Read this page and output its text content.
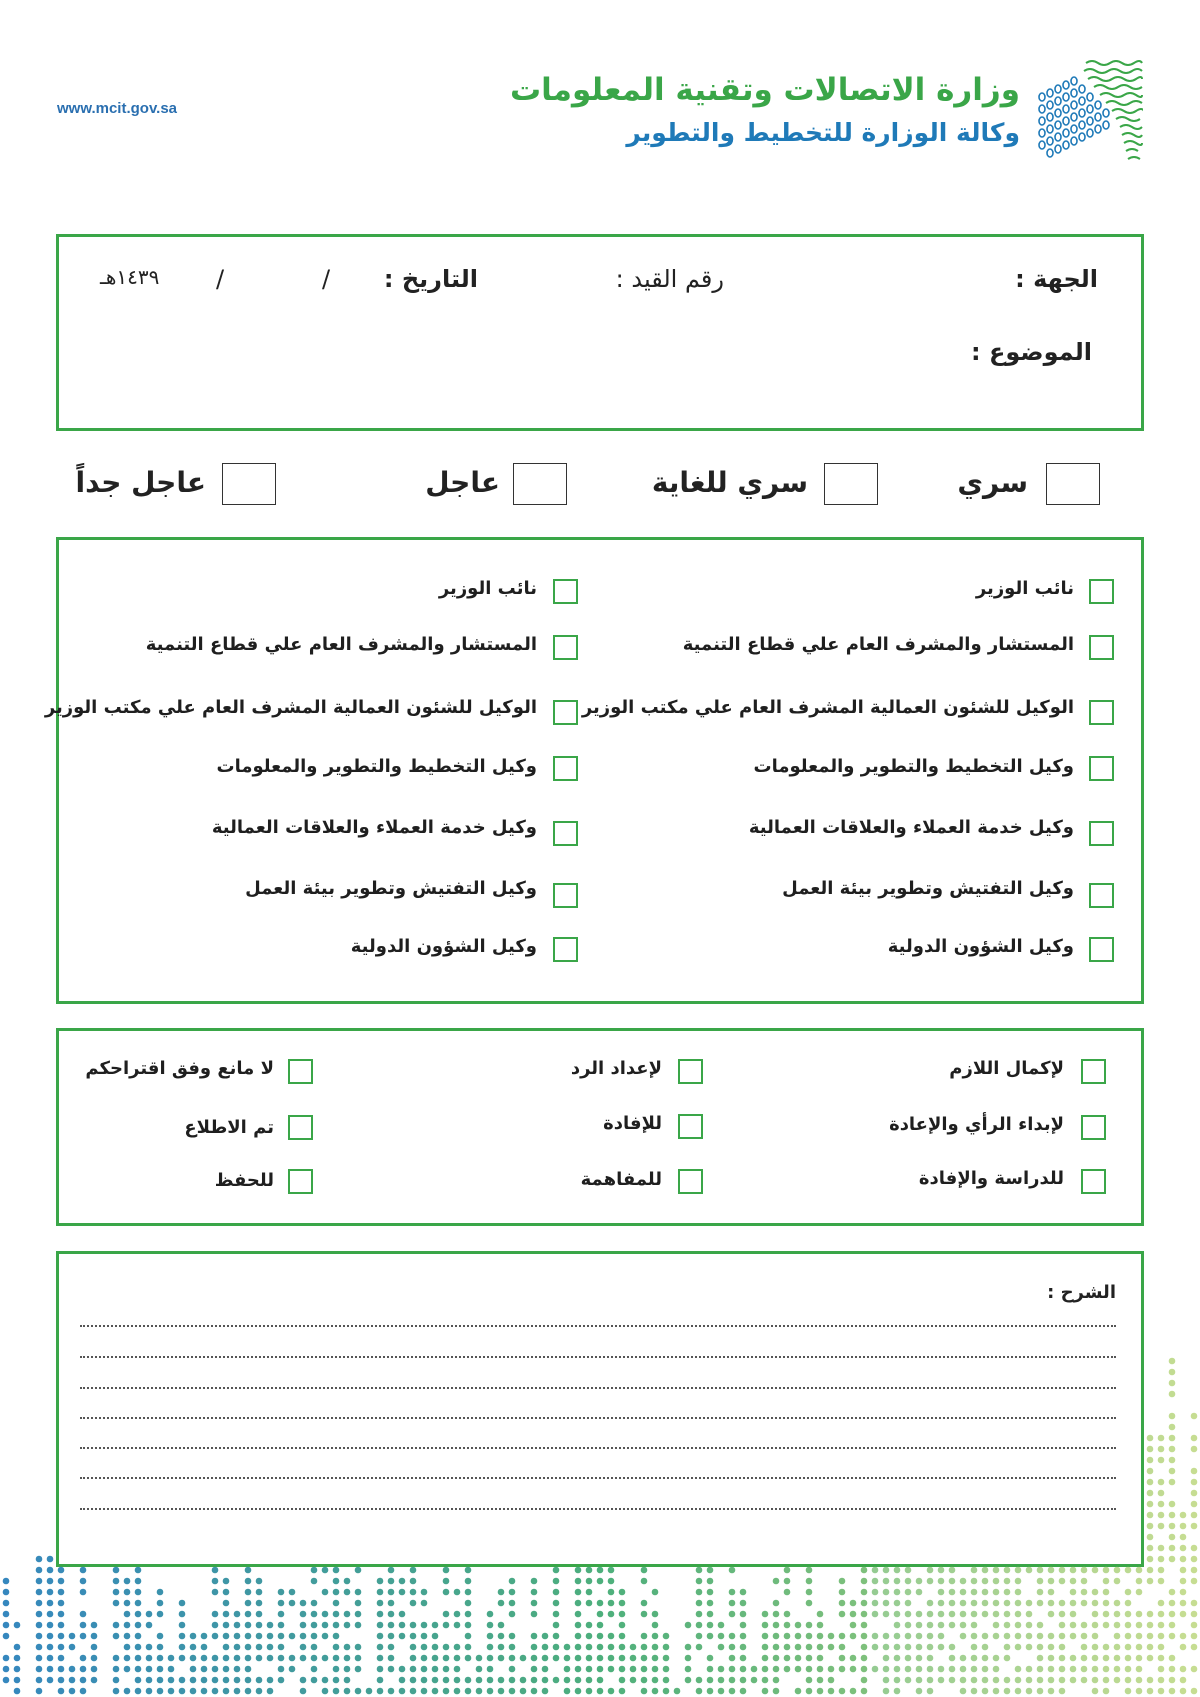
www.mcit.gov.sa
وزارة الاتصالات وتقنية المعلومات
وكالة الوزارة للتخطيط والتطوير
الجهة :
رقم القيد :
التاريخ :
/
/
١٤٣٩هـ
الموضوع :
سري
سري للغاية
عاجل
عاجل جداً
نائب الوزير
المستشار والمشرف العام علي قطاع التنمية
الوكيل للشئون العمالية المشرف العام علي مكتب الوزير
وكيل التخطيط والتطوير والمعلومات
وكيل خدمة العملاء والعلاقات العمالية
وكيل التفتيش وتطوير بيئة العمل
وكيل الشؤون الدولية
نائب الوزير
المستشار والمشرف العام علي قطاع التنمية
الوكيل للشئون العمالية المشرف العام علي مكتب الوزير
وكيل التخطيط والتطوير والمعلومات
وكيل خدمة العملاء والعلاقات العمالية
وكيل التفتيش وتطوير بيئة العمل
وكيل الشؤون الدولية
لإكمال اللازم
لإبداء الرأي والإعادة
للدراسة والإفادة
لإعداد الرد
للإفادة
للمفاهمة
لا مانع وفق اقتراحكم
تم الاطلاع
للحفظ
الشرح :
